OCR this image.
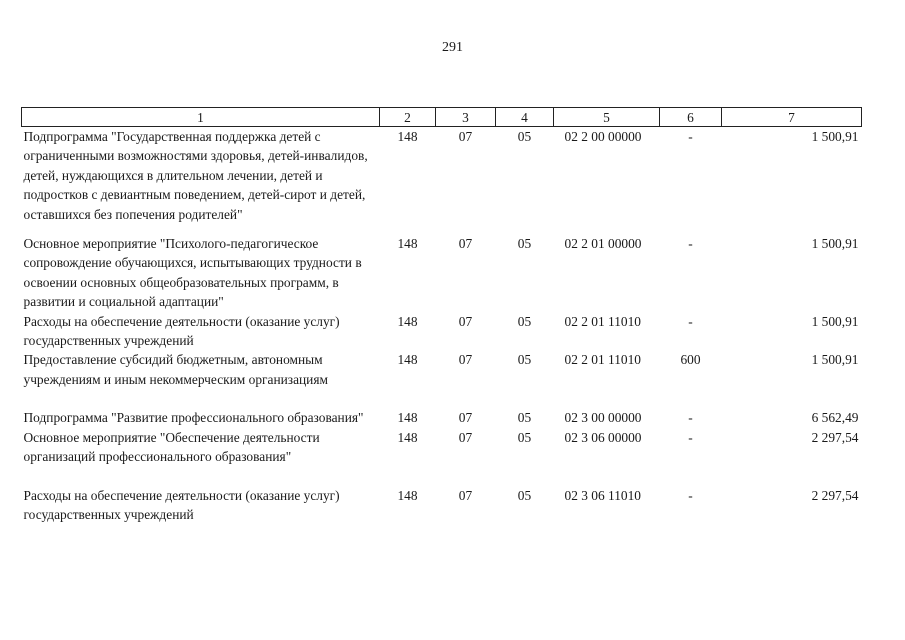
291
1	2	3	4	5	6	7
Подпрограмма "Государственная поддержка детей с ограниченными возможностями здоровья, детей-инвалидов, детей, нуждающихся в длительном лечении, детей и подростков с девиантным поведением, детей-сирот и детей, оставшихся без попечения родителей"	148	07	05	02 2 00 00000	-	1 500,91
Основное мероприятие "Психолого-педагогическое сопровождение обучающихся, испытывающих трудности в освоении основных общеобразовательных программ, в развитии и социальной адаптации"	148	07	05	02 2 01 00000	-	1 500,91
Расходы на обеспечение деятельности (оказание услуг) государственных учреждений	148	07	05	02 2 01 11010	-	1 500,91
Предоставление субсидий бюджетным, автономным учреждениям и иным некоммерческим организациям	148	07	05	02 2 01 11010	600	1 500,91
Подпрограмма "Развитие профессионального образования"	148	07	05	02 3 00 00000	-	6 562,49
Основное мероприятие "Обеспечение деятельности организаций профессионального образования"	148	07	05	02 3 06 00000	-	2 297,54
Расходы на обеспечение деятельности (оказание услуг) государственных учреждений	148	07	05	02 3 06 11010	-	2 297,54
